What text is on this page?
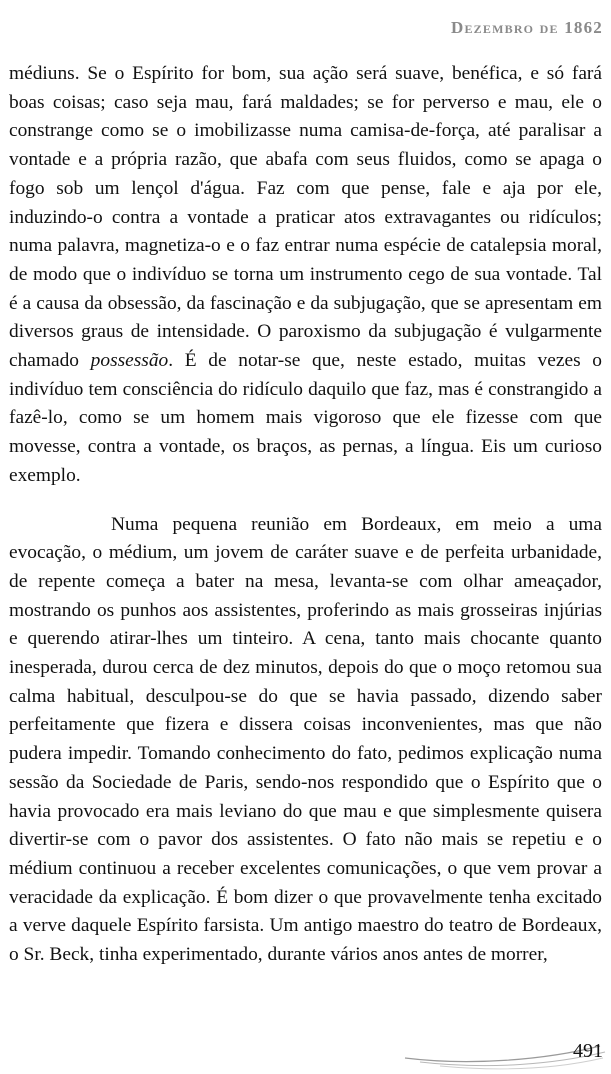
Dezembro de 1862

médiuns. Se o Espírito for bom, sua ação será suave, benéfica, e só fará boas coisas; caso seja mau, fará maldades; se for perverso e mau, ele o constrange como se o imobilizasse numa camisa-de-força, até paralisar a vontade e a própria razão, que abafa com seus fluidos, como se apaga o fogo sob um lençol d'água. Faz com que pense, fale e aja por ele, induzindo-o contra a vontade a praticar atos extravagantes ou ridículos; numa palavra, magnetiza-o e o faz entrar numa espécie de catalepsia moral, de modo que o indivíduo se torna um instrumento cego de sua vontade. Tal é a causa da obsessão, da fascinação e da subjugação, que se apresentam em diversos graus de intensidade. O paroxismo da subjugação é vulgarmente chamado possessão. É de notar-se que, neste estado, muitas vezes o indivíduo tem consciência do ridículo daquilo que faz, mas é constrangido a fazê-lo, como se um homem mais vigoroso que ele fizesse com que movesse, contra a vontade, os braços, as pernas, a língua. Eis um curioso exemplo.

Numa pequena reunião em Bordeaux, em meio a uma evocação, o médium, um jovem de caráter suave e de perfeita urbanidade, de repente começa a bater na mesa, levanta-se com olhar ameaçador, mostrando os punhos aos assistentes, proferindo as mais grosseiras injúrias e querendo atirar-lhes um tinteiro. A cena, tanto mais chocante quanto inesperada, durou cerca de dez minutos, depois do que o moço retomou sua calma habitual, desculpou-se do que se havia passado, dizendo saber perfeitamente que fizera e dissera coisas inconvenientes, mas que não pudera impedir. Tomando conhecimento do fato, pedimos explicação numa sessão da Sociedade de Paris, sendo-nos respondido que o Espírito que o havia provocado era mais leviano do que mau e que simplesmente quisera divertir-se com o pavor dos assistentes. O fato não mais se repetiu e o médium continuou a receber excelentes comunicações, o que vem provar a veracidade da explicação. É bom dizer o que provavelmente tenha excitado a verve daquele Espírito farsista. Um antigo maestro do teatro de Bordeaux, o Sr. Beck, tinha experimentado, durante vários anos antes de morrer,

491
